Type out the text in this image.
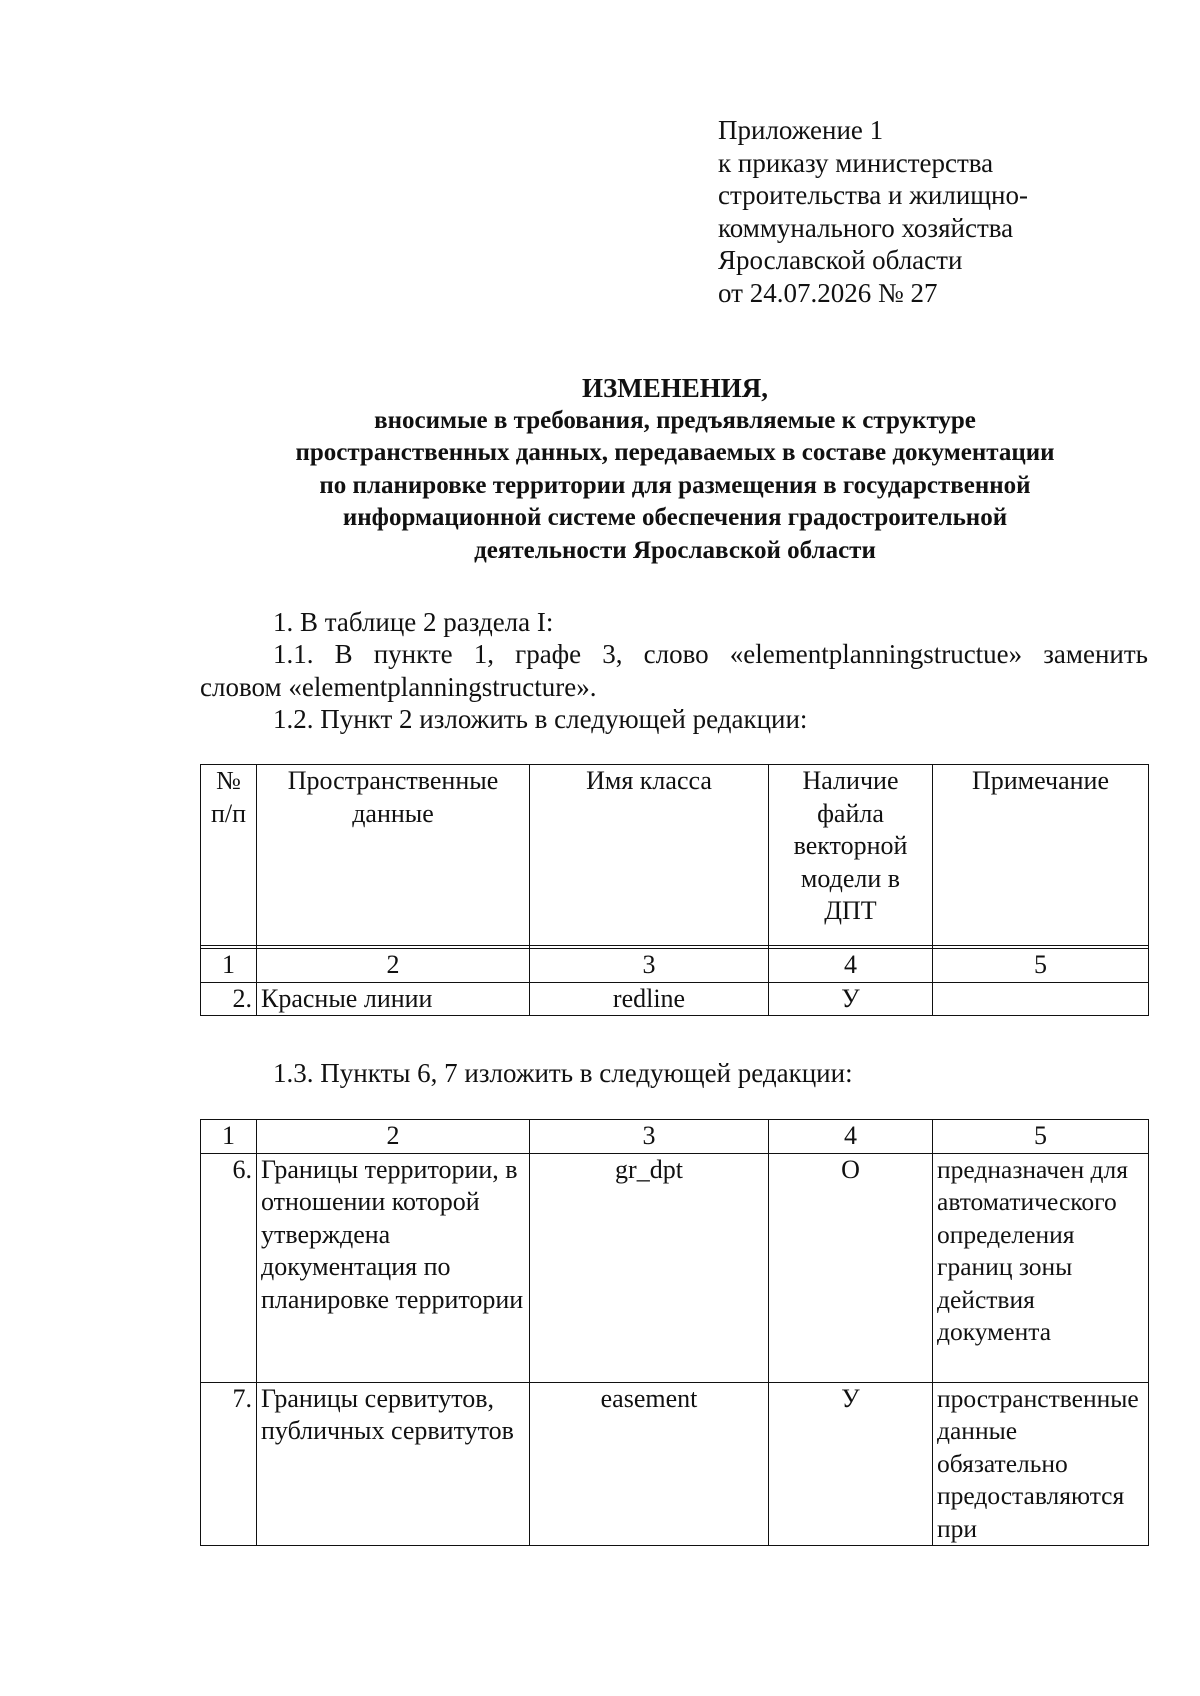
Приложение 1
к приказу министерства
строительства и жилищно-
коммунального хозяйства
Ярославской области
от 24.07.2026 № 27
ИЗМЕНЕНИЯ,
вносимые в требования, предъявляемые к структуре
пространственных данных, передаваемых в составе документации
по планировке территории для размещения в государственной
информационной системе обеспечения градостроительной
деятельности Ярославской области
1. В таблице 2 раздела I:
1.1. В пункте 1, графе 3, слово «elementplanningstructue» заменить
словом «elementplanningstructure».
1.2. Пункт 2 изложить в следующей редакции:
№ п/п	Пространственные данные	Имя класса	Наличие файла векторной модели в ДПТ	Примечание

1	2	3	4	5
2.	Красные линии	redline	У	
1.3. Пункты 6, 7 изложить в следующей редакции:
1	2	3	4	5
6.	Границы территории, в отношении которой утверждена документация по планировке территории	gr_dpt	О	предназначен для автоматического определения границ зоны действия документа
7.	Границы сервитутов, публичных сервитутов	easement	У	пространственные данные обязательно предоставляются при
